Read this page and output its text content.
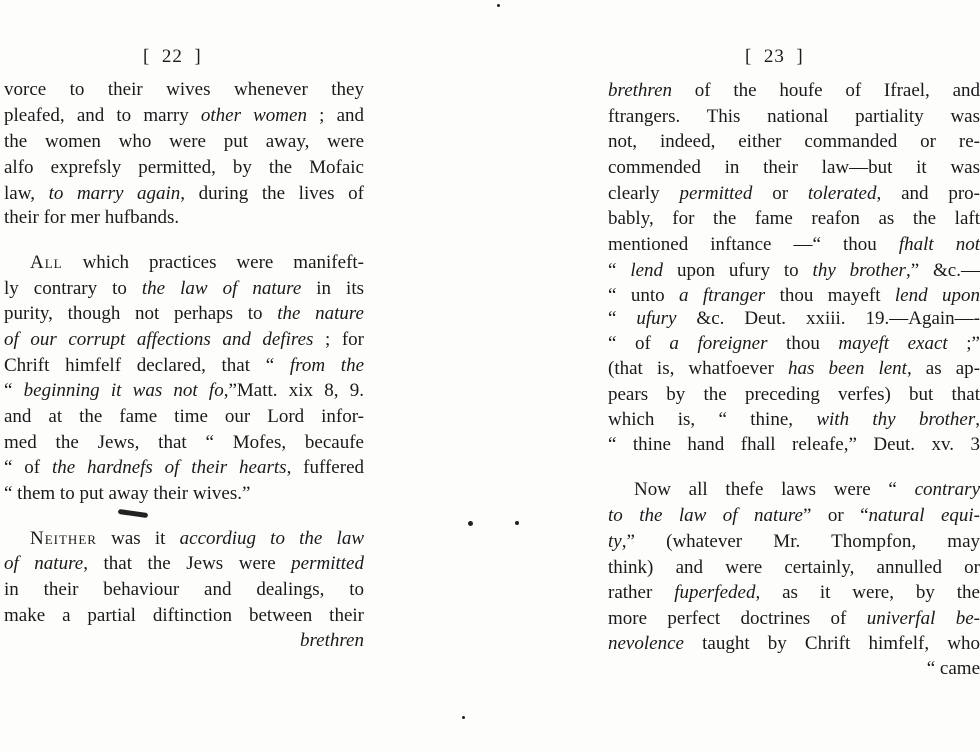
[  22  ]
vorce to their wives whenever they
pleafed, and to marry other women ; and
the women who were put away, were
alfo exprefsly permitted, by the Mofaic
law, to marry again, during the lives of
their for mer hufbands.
All which practices were manifeft-
ly contrary to the law of nature in its
purity, though not perhaps to the nature
of our corrupt affections and defires ; for
Chrift himfelf declared, that “ from the
“ beginning it was not fo,”Matt. xix 8, 9.
and at the fame time our Lord infor-
med the Jews, that “ Mofes, becaufe
“ of the hardnefs of their hearts, fuffered
“ them to put away their wives.”
Neither was it accordiug to the law
of nature, that the Jews were permitted
in their behaviour and dealings, to
make a partial diftinction between their
brethren
[  23  ]
brethren of the houfe of Ifrael, and
ftrangers. This national partiality was
not, indeed, either commanded or re-
commended in their law—but it was
clearly permitted or tolerated, and pro-
bably, for the fame reafon as the laft
mentioned inftance —“ thou fhalt not
“ lend upon ufury to thy brother,” &c.—
“ unto a ftranger thou mayeft lend upon
“ ufury &c. Deut. xxiii. 19.—Again—-
“ of a foreigner thou mayeft exact ;”
(that is, whatfoever has been lent, as ap-
pears by the preceding verfes) but that
which is, “ thine, with thy brother,
“ thine hand fhall releafe,” Deut. xv. 3
Now all thefe laws were “ contrary
to the law of nature” or “natural equi-
ty,” (whatever Mr. Thompfon, may
think) and were certainly, annulled or
rather fuperfeded, as it were, by the
more perfect doctrines of univerfal be-
nevolence taught by Chrift himfelf, who
“ came
